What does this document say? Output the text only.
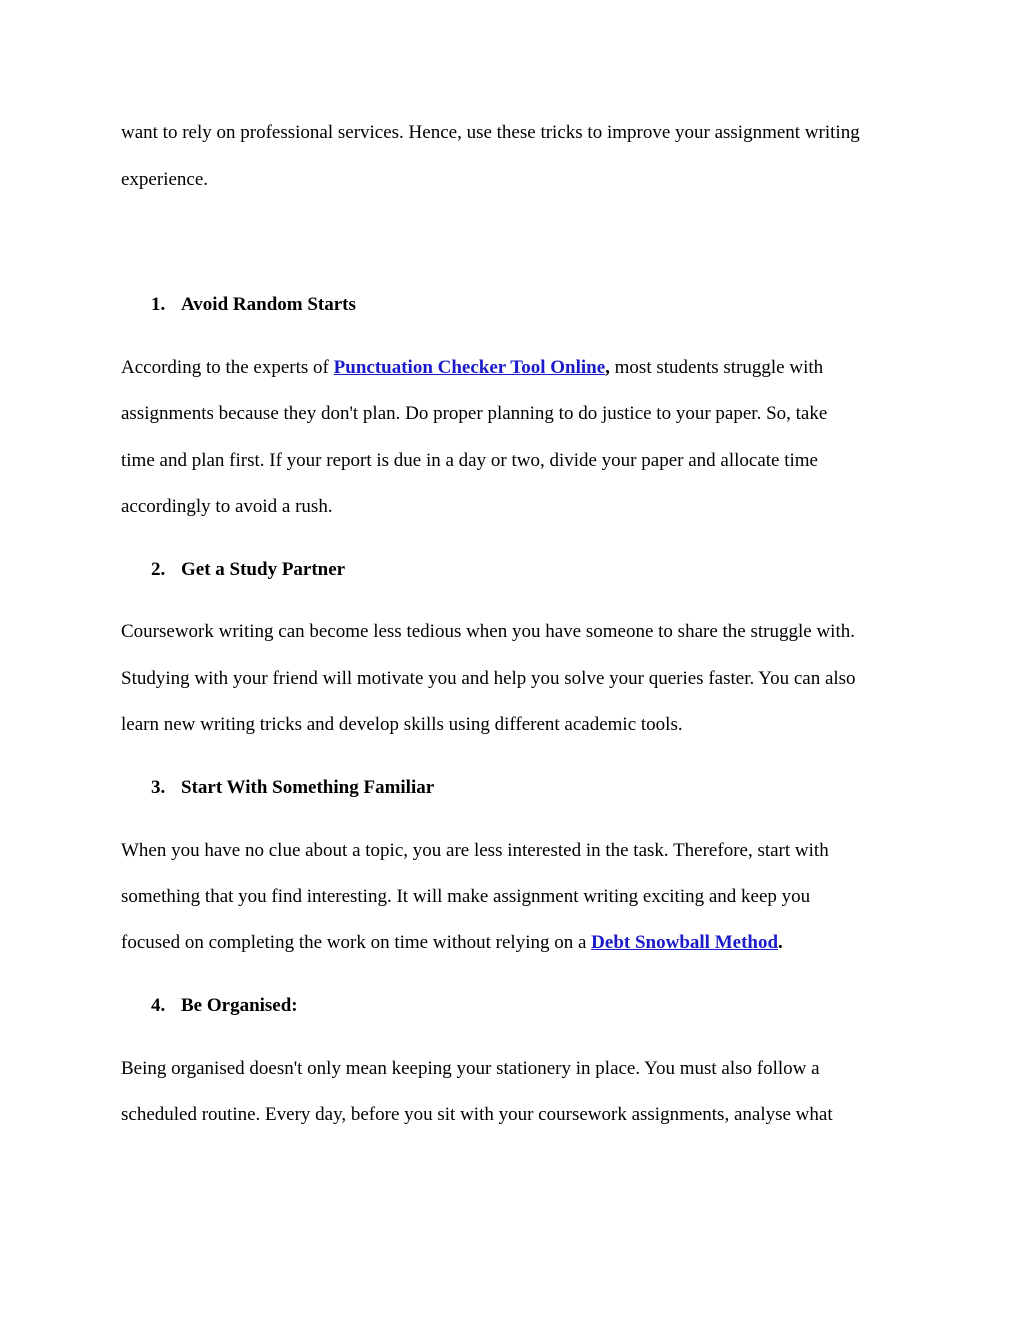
want to rely on professional services. Hence, use these tricks to improve your assignment writing
experience.
1. Avoid Random Starts
According to the experts of Punctuation Checker Tool Online, most students struggle with
assignments because they don't plan. Do proper planning to do justice to your paper. So, take
time and plan first. If your report is due in a day or two, divide your paper and allocate time
accordingly to avoid a rush.
2. Get a Study Partner
Coursework writing can become less tedious when you have someone to share the struggle with.
Studying with your friend will motivate you and help you solve your queries faster. You can also
learn new writing tricks and develop skills using different academic tools.
3. Start With Something Familiar
When you have no clue about a topic, you are less interested in the task. Therefore, start with
something that you find interesting. It will make assignment writing exciting and keep you
focused on completing the work on time without relying on a Debt Snowball Method.
4. Be Organised:
Being organised doesn't only mean keeping your stationery in place. You must also follow a
scheduled routine. Every day, before you sit with your coursework assignments, analyse what
